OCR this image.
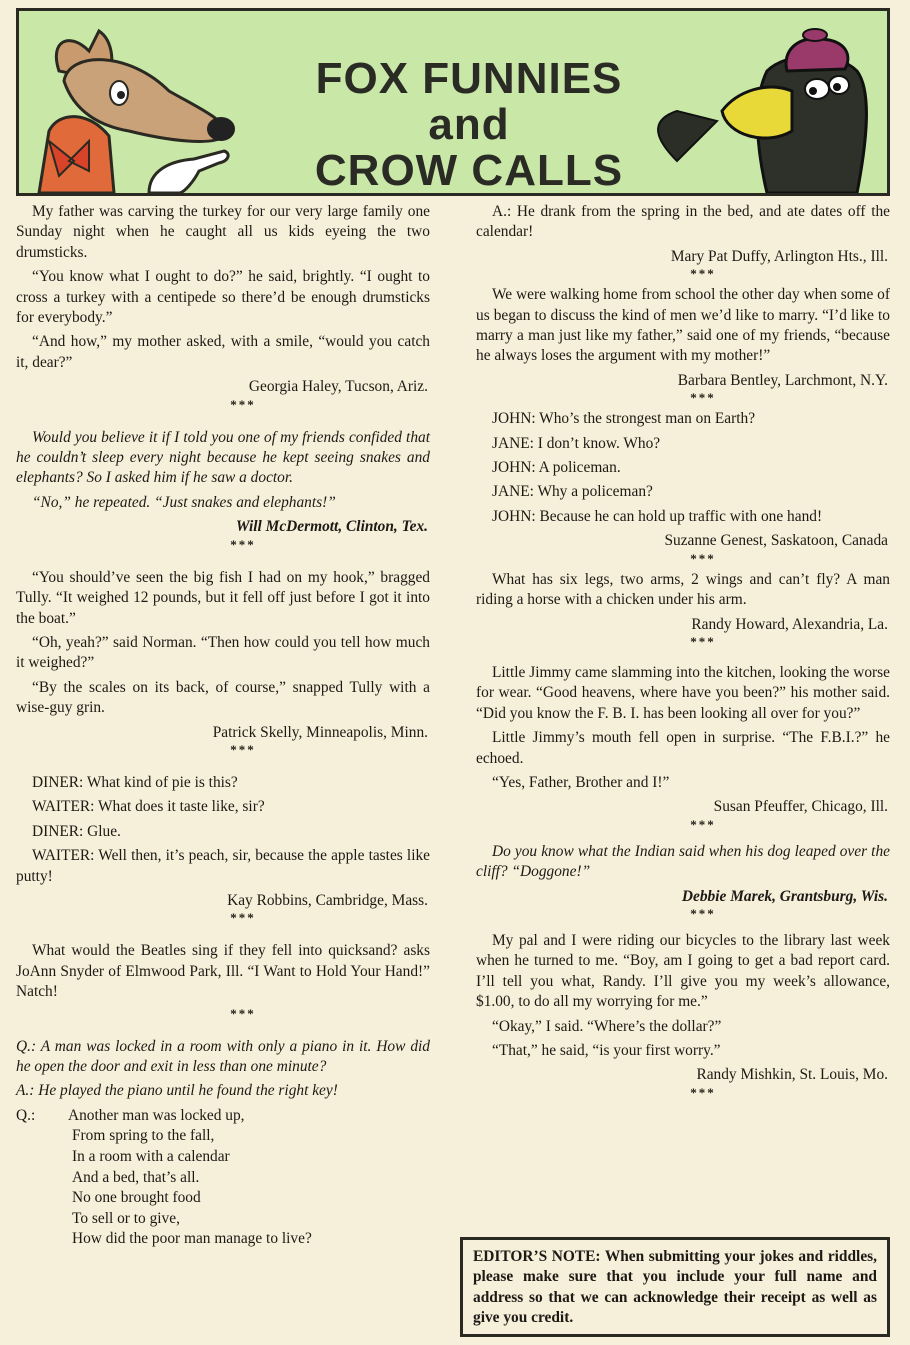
FOX FUNNIES
and
CROW CALLS

My father was carving the turkey for our very large family one Sunday night when he caught all us kids eyeing the two drumsticks.

“You know what I ought to do?” he said, brightly. “I ought to cross a turkey with a centipede so there’d be enough drumsticks for everybody.”

“And how,” my mother asked, with a smile, “would you catch it, dear?”

Georgia Haley, Tucson, Ariz.
***

Would you believe it if I told you one of my friends confided that he couldn’t sleep every night because he kept seeing snakes and elephants? So I asked him if he saw a doctor.

“No,” he repeated. “Just snakes and elephants!”

Will McDermott, Clinton, Tex.
***

“You should’ve seen the big fish I had on my hook,” bragged Tully. “It weighed 12 pounds, but it fell off just before I got it into the boat.”

“Oh, yeah?” said Norman. “Then how could you tell how much it weighed?”

“By the scales on its back, of course,” snapped Tully with a wise-guy grin.

Patrick Skelly, Minneapolis, Minn.
***

DINER: What kind of pie is this?

WAITER: What does it taste like, sir?

DINER: Glue.

WAITER: Well then, it’s peach, sir, because the apple tastes like putty!

Kay Robbins, Cambridge, Mass.
***

What would the Beatles sing if they fell into quicksand? asks JoAnn Snyder of Elmwood Park, Ill. “I Want to Hold Your Hand!” Natch!

***

Q.: A man was locked in a room with only a piano in it. How did he open the door and exit in less than one minute?

A.: He played the piano until he found the right key!

Q.: Another man was locked up,
From spring to the fall,
In a room with a calendar
And a bed, that’s all.
No one brought food
To sell or to give,
How did the poor man manage to live?

A.: He drank from the spring in the bed, and ate dates off the calendar!

Mary Pat Duffy, Arlington Hts., Ill.
***

We were walking home from school the other day when some of us began to discuss the kind of men we’d like to marry. “I’d like to marry a man just like my father,” said one of my friends, “because he always loses the argument with my mother!”

Barbara Bentley, Larchmont, N.Y.
***

JOHN: Who’s the strongest man on Earth?

JANE: I don’t know. Who?

JOHN: A policeman.

JANE: Why a policeman?

JOHN: Because he can hold up traffic with one hand!

Suzanne Genest, Saskatoon, Canada
***

What has six legs, two arms, 2 wings and can’t fly? A man riding a horse with a chicken under his arm.

Randy Howard, Alexandria, La.
***

Little Jimmy came slamming into the kitchen, looking the worse for wear. “Good heavens, where have you been?” his mother said. “Did you know the F. B. I. has been looking all over for you?”

Little Jimmy’s mouth fell open in surprise. “The F.B.I.?” he echoed.

“Yes, Father, Brother and I!”

Susan Pfeuffer, Chicago, Ill.
***

Do you know what the Indian said when his dog leaped over the cliff? “Doggone!”

Debbie Marek, Grantsburg, Wis.
***

My pal and I were riding our bicycles to the library last week when he turned to me. “Boy, am I going to get a bad report card. I’ll tell you what, Randy. I’ll give you my week’s allowance, $1.00, to do all my worrying for me.”

“Okay,” I said. “Where’s the dollar?”

“That,” he said, “is your first worry.”

Randy Mishkin, St. Louis, Mo.
***
EDITOR’S NOTE: When submitting your jokes and riddles, please make sure that you include your full name and address so that we can acknowledge their receipt as well as give you credit.
